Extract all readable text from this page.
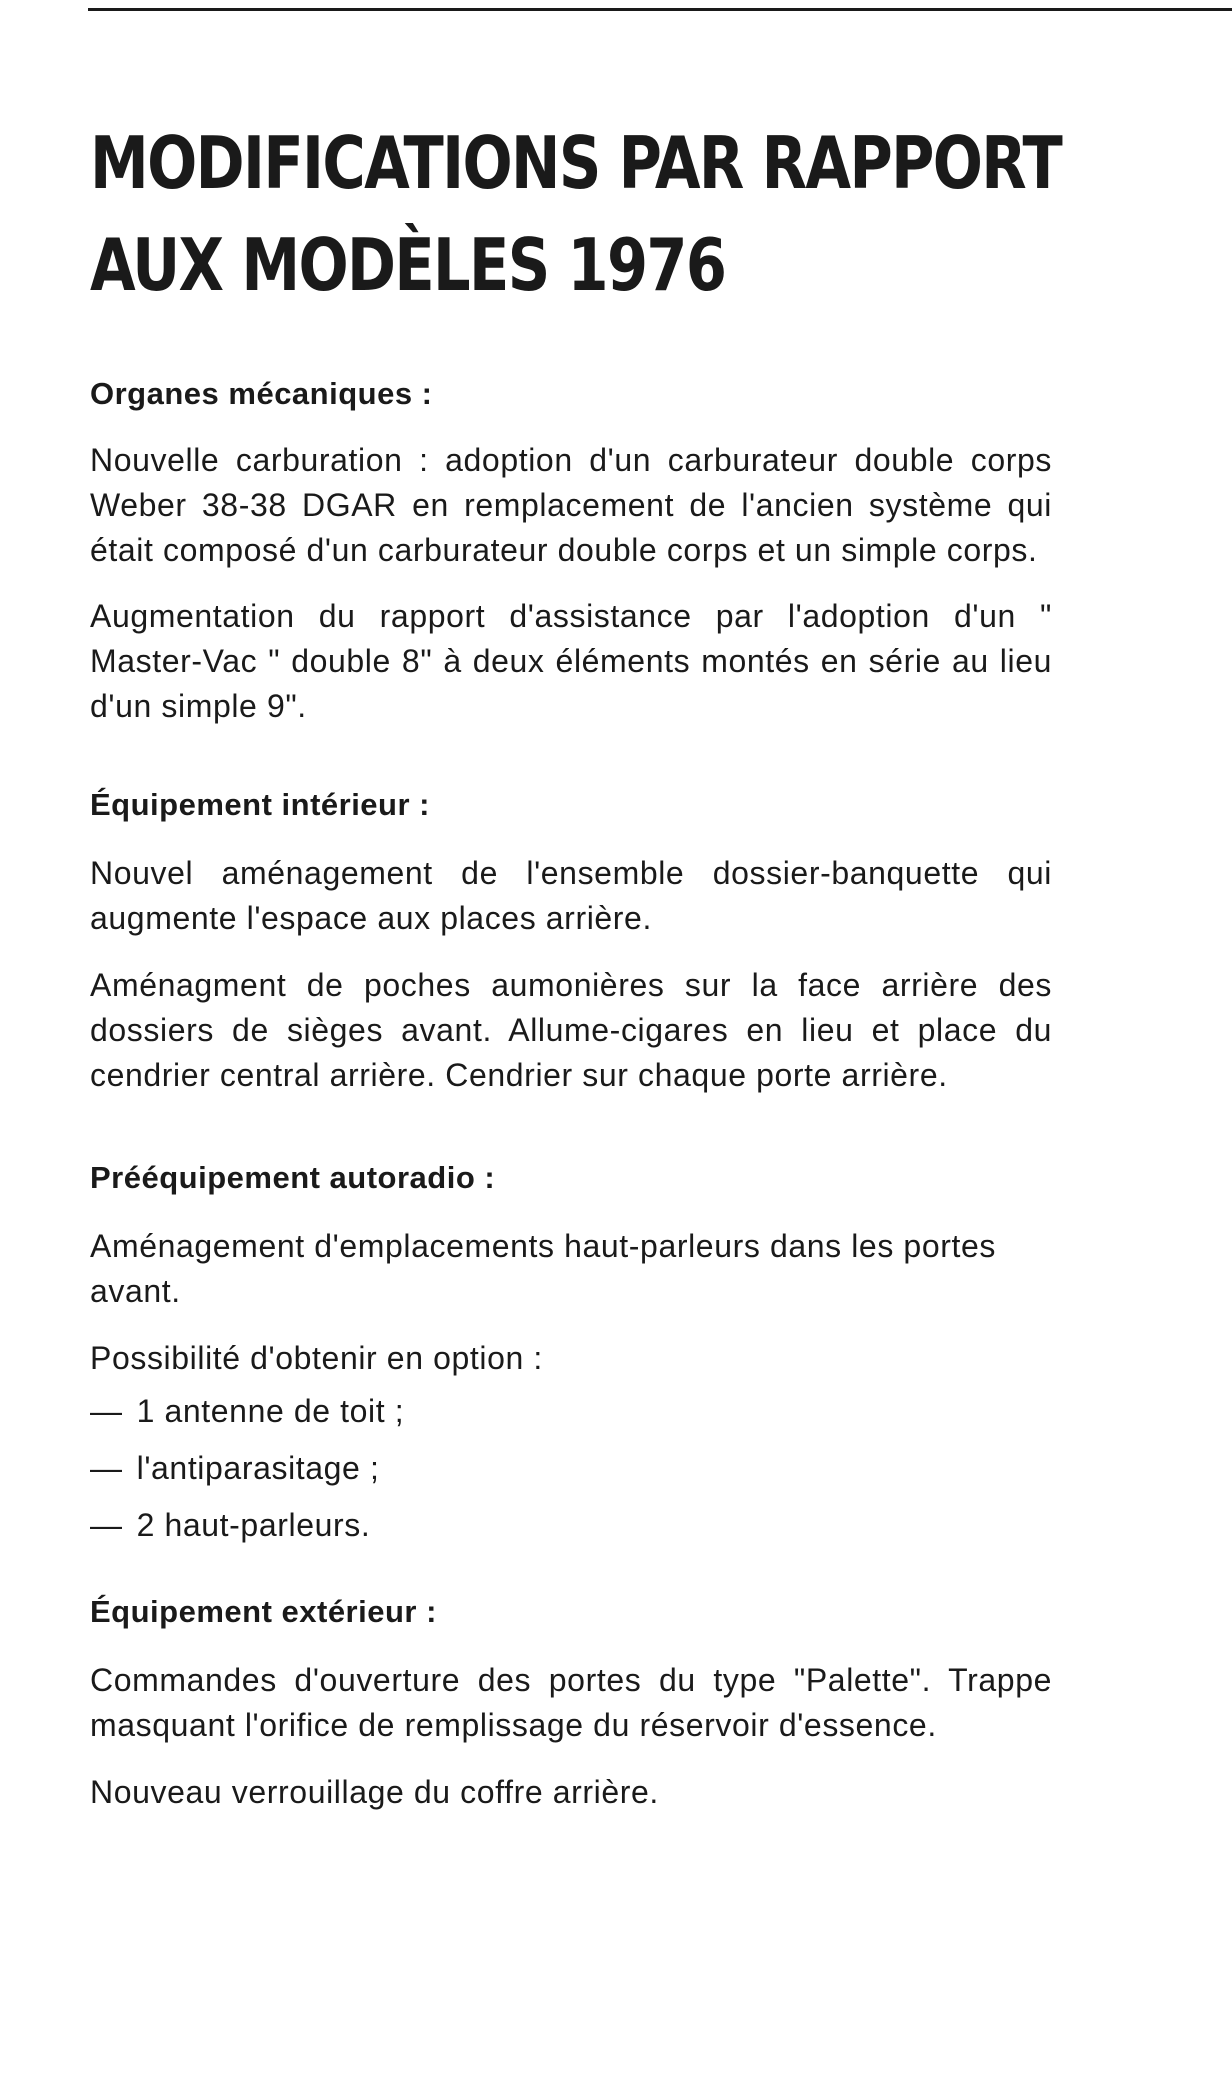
MODIFICATIONS PAR RAPPORT
AUX MODÈLES 1976
Organes mécaniques :

Nouvelle carburation : adoption d'un carburateur double corps Weber 38-38 DGAR en remplacement de l'ancien système qui était composé d'un carburateur double corps et un simple corps.

Augmentation du rapport d'assistance par l'adoption d'un " Master-Vac " double 8" à deux éléments montés en série au lieu d'un simple 9".

Équipement intérieur :

Nouvel aménagement de l'ensemble dossier-banquette qui augmente l'espace aux places arrière.

Aménagment de poches aumonières sur la face arrière des dossiers de sièges avant. Allume-cigares en lieu et place du cendrier central arrière. Cendrier sur chaque porte arrière.

Prééquipement autoradio :

Aménagement d'emplacements haut-parleurs dans les portes avant.

Possibilité d'obtenir en option :

— 1 antenne de toit ;
— l'antiparasitage ;
— 2 haut-parleurs.
Équipement extérieur :

Commandes d'ouverture des portes du type "Palette". Trappe masquant l'orifice de remplissage du réservoir d'essence.

Nouveau verrouillage du coffre arrière.
